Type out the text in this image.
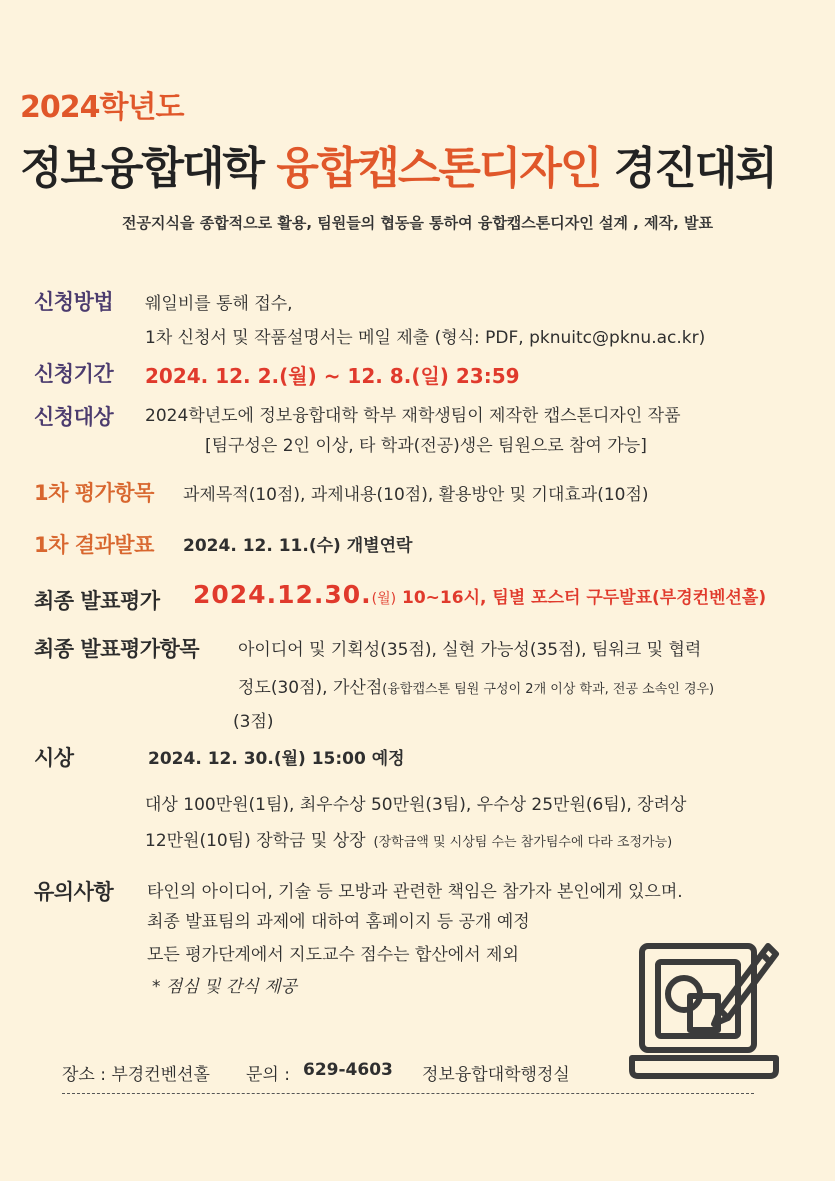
2024학년도
정보융합대학 융합캡스톤디자인 경진대회
전공지식을 종합적으로 활용, 팀원들의 협동을 통하여 융합캡스톤디자인 설계 , 제작, 발표
신청방법 웨일비를 통해 접수,
1차 신청서 및 작품설명서는 메일 제출 (형식: PDF, pknuitc@pknu.ac.kr)
신청기간 2024. 12. 2.(월) ~ 12. 8.(일) 23:59
신청대상 2024학년도에 정보융합대학 학부 재학생팀이 제작한 캡스톤디자인 작품
[팀구성은 2인 이상, 타 학과(전공)생은 팀원으로 참여 가능]
1차 평가항목 과제목적(10점), 과제내용(10점), 활용방안 및 기대효과(10점)
1차 결과발표 2024. 12. 11.(수) 개별연락
최종 발표평가 2024.12.30.(월) 10~16시, 팀별 포스터 구두발표(부경컨벤션홀)
최종 발표평가항목 아이디어 및 기획성(35점), 실현 가능성(35점), 팀워크 및 협력
정도(30점), 가산점(융합캡스톤 팀원 구성이 2개 이상 학과, 전공 소속인 경우)
(3점)
시상	2024. 12. 30.(월) 15:00 예정
대상 100만원(1팀), 최우수상 50만원(3팀), 우수상 25만원(6팀), 장려상
12만원(10팀) 장학금 및 상장 (장학금액 및 시상팀 수는 참가팀수에 다라 조정가능)
유의사항 타인의 아이디어, 기술 등 모방과 관련한 책임은 참가자 본인에게 있으며.
최종 발표팀의 과제에 대하여 홈페이지 등 공개 예정
모든 평가단계에서 지도교수 점수는 합산에서 제외
* 점심 및 간식 제공
장소 : 부경컨벤션홀 문의 : 629-4603 정보융합대학행정실
